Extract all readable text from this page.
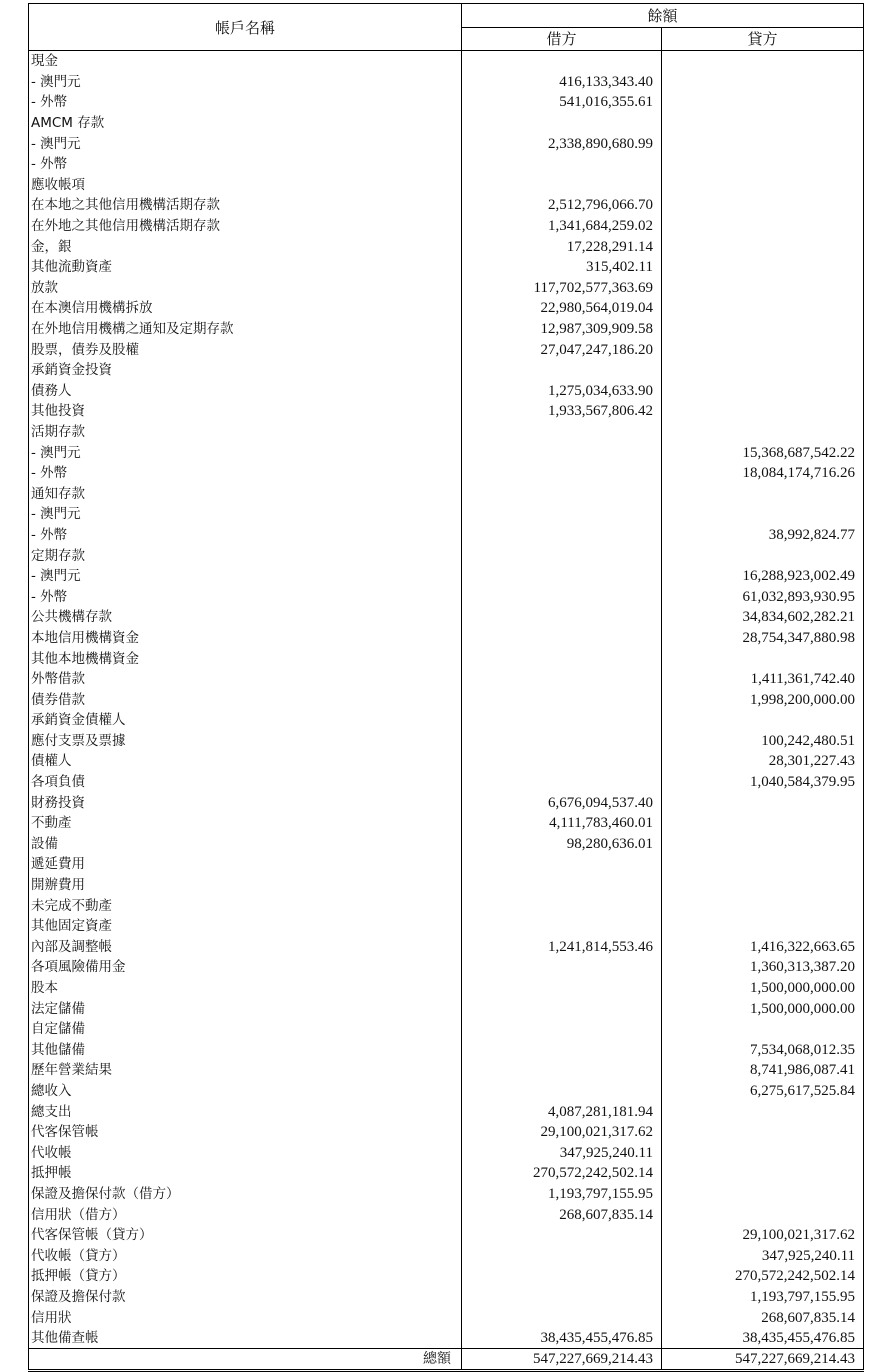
帳戶名稱	餘額	
	借方	貸方
現金		
- 澳門元	416,133,343.40	
- 外幣	541,016,355.61	
AMCM 存款		
- 澳門元	2,338,890,680.99	
- 外幣		
應收帳項		
在本地之其他信用機構活期存款	2,512,796,066.70	
在外地之其他信用機構活期存款	1,341,684,259.02	
金，銀	17,228,291.14	
其他流動資產	315,402.11	
放款	117,702,577,363.69	
在本澳信用機構拆放	22,980,564,019.04	
在外地信用機構之通知及定期存款	12,987,309,909.58	
股票，債券及股權	27,047,247,186.20	
承銷資金投資		
債務人	1,275,034,633.90	
其他投資	1,933,567,806.42	
活期存款		
- 澳門元		15,368,687,542.22
- 外幣		18,084,174,716.26
通知存款		
- 澳門元		
- 外幣		38,992,824.77
定期存款		
- 澳門元		16,288,923,002.49
- 外幣		61,032,893,930.95
公共機構存款		34,834,602,282.21
本地信用機構資金		28,754,347,880.98
其他本地機構資金		
外幣借款		1,411,361,742.40
債券借款		1,998,200,000.00
承銷資金債權人		
應付支票及票據		100,242,480.51
債權人		28,301,227.43
各項負債		1,040,584,379.95
財務投資	6,676,094,537.40	
不動產	4,111,783,460.01	
設備	98,280,636.01	
遞延費用		
開辦費用		
未完成不動產		
其他固定資產		
內部及調整帳	1,241,814,553.46	1,416,322,663.65
各項風險備用金		1,360,313,387.20
股本		1,500,000,000.00
法定儲備		1,500,000,000.00
自定儲備		
其他儲備		7,534,068,012.35
歷年營業結果		8,741,986,087.41
總收入		6,275,617,525.84
總支出	4,087,281,181.94	
代客保管帳	29,100,021,317.62	
代收帳	347,925,240.11	
抵押帳	270,572,242,502.14	
保證及擔保付款（借方）	1,193,797,155.95	
信用狀（借方）	268,607,835.14	
代客保管帳（貸方）		29,100,021,317.62
代收帳（貸方）		347,925,240.11
抵押帳（貸方）		270,572,242,502.14
保證及擔保付款		1,193,797,155.95
信用狀		268,607,835.14
其他備查帳	38,435,455,476.85	38,435,455,476.85
總額	547,227,669,214.43	547,227,669,214.43
